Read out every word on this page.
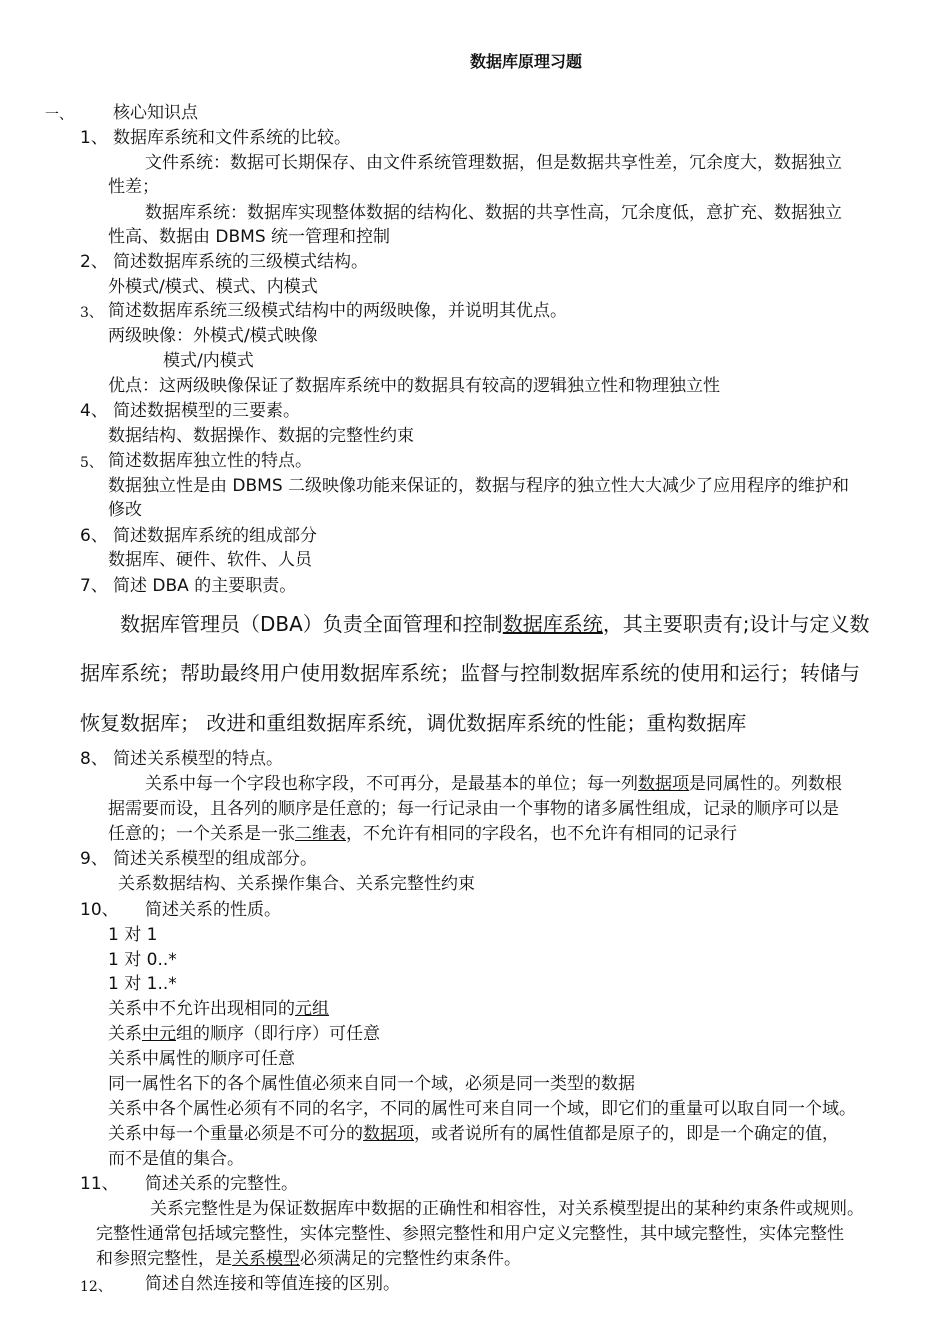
数据库原理习题
一、 核心知识点
1、 数据库系统和文件系统的比较。
文件系统：数据可长期保存、由文件系统管理数据，但是数据共享性差，冗余度大，数据独立
性差；
数据库系统：数据库实现整体数据的结构化、数据的共享性高，冗余度低，意扩充、数据独立
性高、数据由 DBMS 统一管理和控制
2、 简述数据库系统的三级模式结构。
外模式/模式、模式、内模式
3、 简述数据库系统三级模式结构中的两级映像，并说明其优点。
两级映像：外模式/模式映像
模式/内模式
优点：这两级映像保证了数据库系统中的数据具有较高的逻辑独立性和物理独立性
4、 简述数据模型的三要素。
数据结构、数据操作、数据的完整性约束
5、 简述数据库独立性的特点。
数据独立性是由 DBMS 二级映像功能来保证的，数据与程序的独立性大大减少了应用程序的维护和
修改
6、 简述数据库系统的组成部分
数据库、硬件、软件、人员
7、 简述 DBA 的主要职责。
数据库管理员（DBA）负责全面管理和控制数据库系统，其主要职责有;设计与定义数
据库系统；帮助最终用户使用数据库系统；监督与控制数据库系统的使用和运行；转储与
恢复数据库； 改进和重组数据库系统，调优数据库系统的性能；重构数据库
8、 简述关系模型的特点。
关系中每一个字段也称字段，不可再分，是最基本的单位；每一列数据项是同属性的。列数根
据需要而设，且各列的顺序是任意的；每一行记录由一个事物的诸多属性组成，记录的顺序可以是
任意的；一个关系是一张二维表，不允许有相同的字段名，也不允许有相同的记录行
9、 简述关系模型的组成部分。
关系数据结构、关系操作集合、关系完整性约束
10、 简述关系的性质。
1 对 1
1 对 0..*
1 对 1..*
关系中不允许出现相同的元组
关系中元组的顺序（即行序）可任意
关系中属性的顺序可任意
同一属性名下的各个属性值必须来自同一个域，必须是同一类型的数据
关系中各个属性必须有不同的名字，不同的属性可来自同一个域，即它们的重量可以取自同一个域。
关系中每一个重量必须是不可分的数据项，或者说所有的属性值都是原子的，即是一个确定的值，
而不是值的集合。
11、 简述关系的完整性。
关系完整性是为保证数据库中数据的正确性和相容性，对关系模型提出的某种约束条件或规则。
完整性通常包括域完整性，实体完整性、参照完整性和用户定义完整性，其中域完整性，实体完整性
和参照完整性，是关系模型必须满足的完整性约束条件。
12、 简述自然连接和等值连接的区别。
